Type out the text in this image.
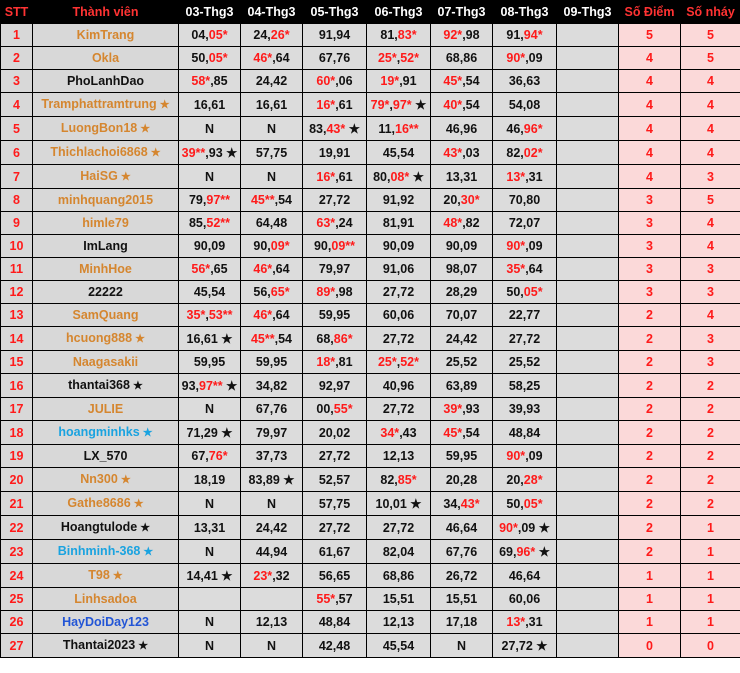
STT	Thành viên	03-Thg3	04-Thg3	05-Thg3	06-Thg3	07-Thg3	08-Thg3	09-Thg3	Số Điểm	Số nháy
1	KimTrang	04,05*	24,26*	91,94	81,83*	92*,98	91,94*		5	5
2	Okla	50,05*	46*,64	67,76	25*,52*	68,86	90*,09		4	5
3	PhoLanhDao	58*,85	24,42	60*,06	19*,91	45*,54	36,63		4	4
4	Tramphattramtrung ★	16,61	16,61	16*,61	79*,97* ★	40*,54	54,08		4	4
5	LuongBon18 ★	N	N	83,43* ★	11,16**	46,96	46,96*		4	4
6	Thichlachoi6868 ★	39**,93 ★	57,75	19,91	45,54	43*,03	82,02*		4	4
7	HaiSG ★	N	N	16*,61	80,08* ★	13,31	13*,31		4	3
8	minhquang2015	79,97**	45**,54	27,72	91,92	20,30*	70,80		3	5
9	himle79	85,52**	64,48	63*,24	81,91	48*,82	72,07		3	4
10	ImLang	90,09	90,09*	90,09**	90,09	90,09	90*,09		3	4
11	MinhHoe	56*,65	46*,64	79,97	91,06	98,07	35*,64		3	3
12	22222	45,54	56,65*	89*,98	27,72	28,29	50,05*		3	3
13	SamQuang	35*,53**	46*,64	59,95	60,06	70,07	22,77		2	4
14	hcuong888 ★	16,61 ★	45**,54	68,86*	27,72	24,42	27,72		2	3
15	Naagasakii	59,95	59,95	18*,81	25*,52*	25,52	25,52		2	3
16	thantai368 ★	93,97** ★	34,82	92,97	40,96	63,89	58,25		2	2
17	JULIE	N	67,76	00,55*	27,72	39*,93	39,93		2	2
18	hoangminhks ★	71,29 ★	79,97	20,02	34*,43	45*,54	48,84		2	2
19	LX_570	67,76*	37,73	27,72	12,13	59,95	90*,09		2	2
20	Nn300 ★	18,19	83,89 ★	52,57	82,85*	20,28	20,28*		2	2
21	Gathe8686 ★	N	N	57,75	10,01 ★	34,43*	50,05*		2	2
22	Hoangtulode ★	13,31	24,42	27,72	27,72	46,64	90*,09 ★		2	1
23	Binhminh-368 ★	N	44,94	61,67	82,04	67,76	69,96* ★		2	1
24	T98 ★	14,41 ★	23*,32	56,65	68,86	26,72	46,64		1	1
25	Linhsadoa			55*,57	15,51	15,51	60,06		1	1
26	HayDoiDay123	N	12,13	48,84	12,13	17,18	13*,31		1	1
27	Thantai2023 ★	N	N	42,48	45,54	N	27,72 ★		0	0
